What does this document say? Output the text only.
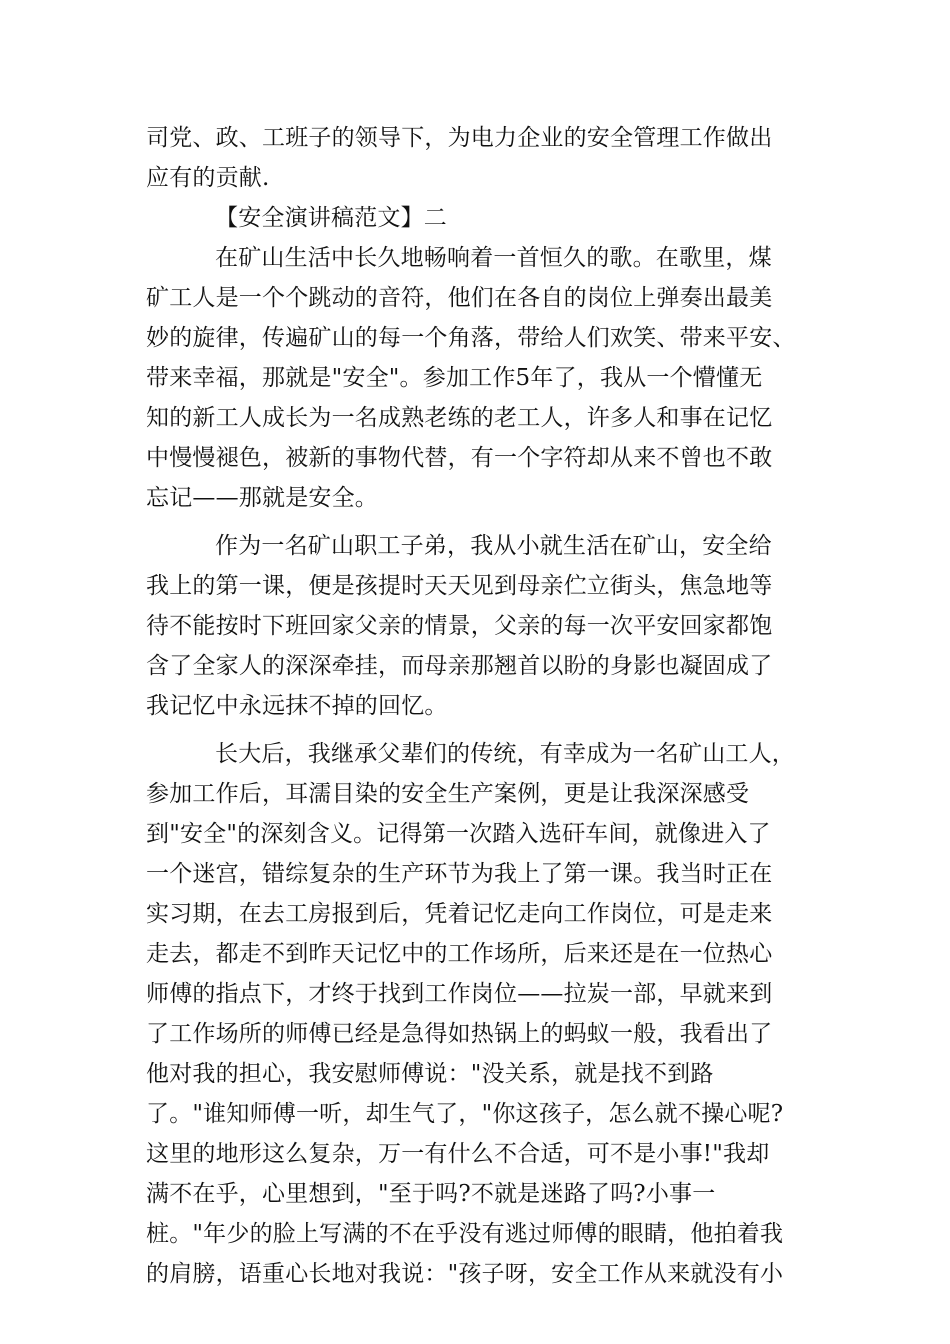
司党、政、工班子的领导下，为电力企业的安全管理工作做出
应有的贡献.
【安全演讲稿范文】二
在矿山生活中长久地畅响着一首恒久的歌。在歌里，煤
矿工人是一个个跳动的音符，他们在各自的岗位上弹奏出最美
妙的旋律，传遍矿山的每一个角落，带给人们欢笑、带来平安、
带来幸福，那就是"安全"。参加工作5年了，我从一个懵懂无
知的新工人成长为一名成熟老练的老工人，许多人和事在记忆
中慢慢褪色，被新的事物代替，有一个字符却从来不曾也不敢
忘记——那就是安全。
作为一名矿山职工子弟，我从小就生活在矿山，安全给
我上的第一课，便是孩提时天天见到母亲伫立街头，焦急地等
待不能按时下班回家父亲的情景，父亲的每一次平安回家都饱
含了全家人的深深牵挂，而母亲那翘首以盼的身影也凝固成了
我记忆中永远抹不掉的回忆。
长大后，我继承父辈们的传统，有幸成为一名矿山工人，
参加工作后，耳濡目染的安全生产案例，更是让我深深感受
到"安全"的深刻含义。记得第一次踏入选矸车间，就像进入了
一个迷宫，错综复杂的生产环节为我上了第一课。我当时正在
实习期，在去工房报到后，凭着记忆走向工作岗位，可是走来
走去，都走不到昨天记忆中的工作场所，后来还是在一位热心
师傅的指点下，才终于找到工作岗位——拉炭一部，早就来到
了工作场所的师傅已经是急得如热锅上的蚂蚁一般，我看出了
他对我的担心，我安慰师傅说："没关系，就是找不到路
了。"谁知师傅一听，却生气了，"你这孩子，怎么就不操心呢?
这里的地形这么复杂，万一有什么不合适，可不是小事!"我却
满不在乎，心里想到，"至于吗?不就是迷路了吗?小事一
桩。"年少的脸上写满的不在乎没有逃过师傅的眼睛，他拍着我
的肩膀，语重心长地对我说："孩子呀，安全工作从来就没有小
